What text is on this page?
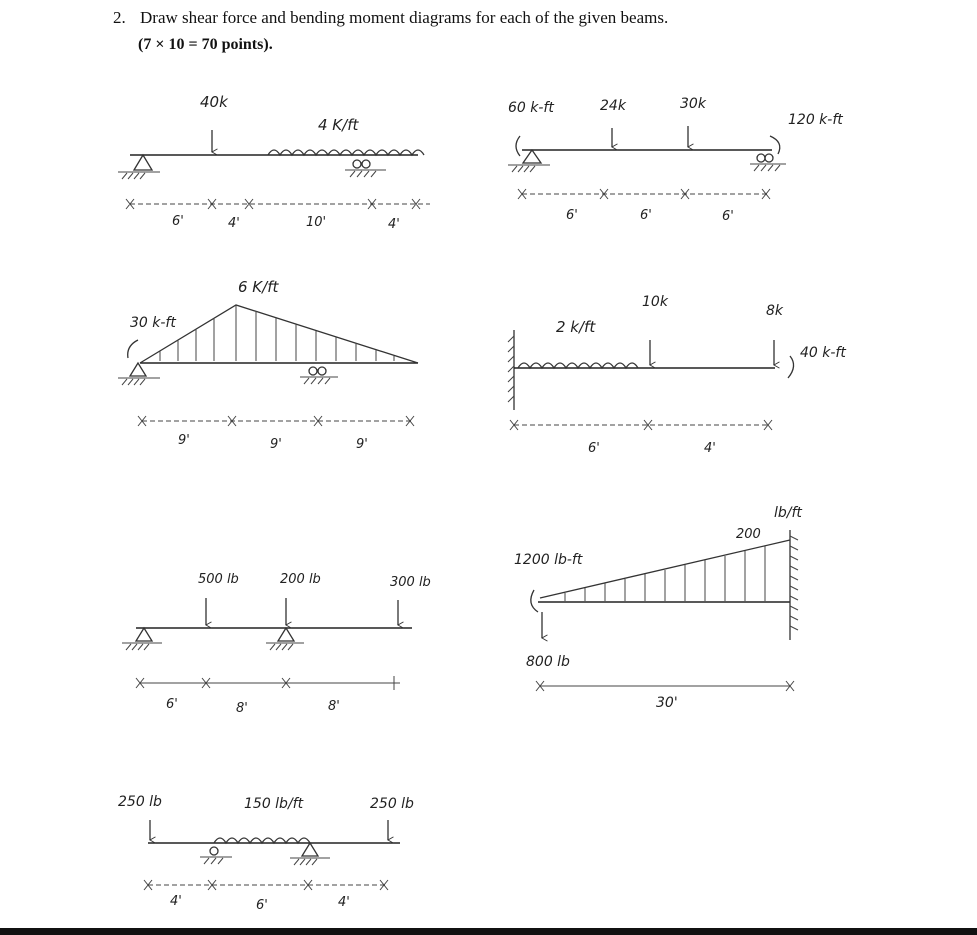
2. Draw shear force and bending moment diagrams for each of the given beams.
(7 × 10 = 70 points).
40k
4 K/ft
6'	4'	10'	4'
60 k-ft	24k	30k
120 k-ft
6'	6'	6'
6 K/ft
30 k-ft
9'	9'	9'
2 k/ft
10k
8k
40 k-ft
6'	4'
500 lb	200 lb	300 lb
6'	8'	8'
200
lb/ft
1200 lb-ft
800 lb
30'
250 lb	150 lb/ft	250 lb
4'	6'	4'
